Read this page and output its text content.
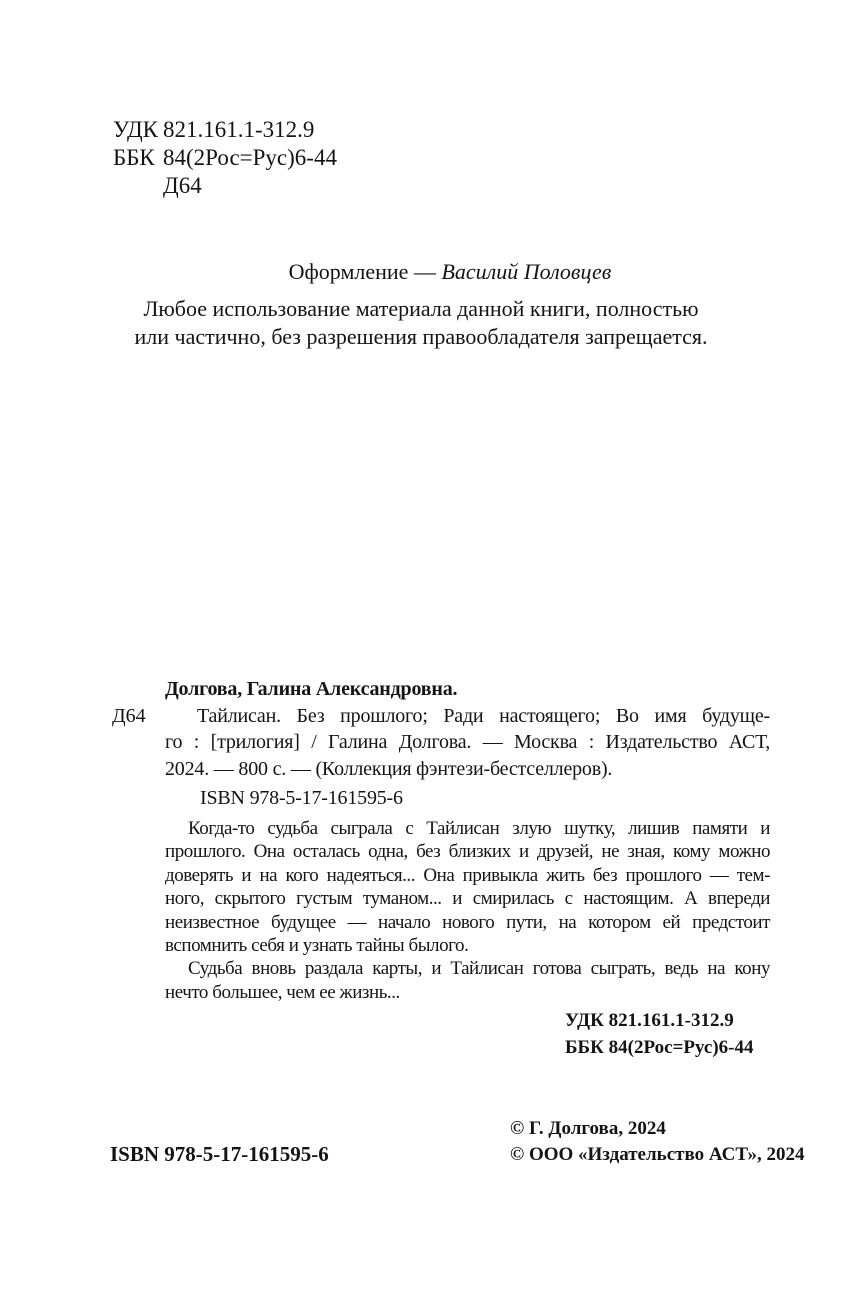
УДК 821.161.1-312.9
ББК 84(2Рос=Рус)6-44
Д64
Оформление — Василий Половцев
Любое использование материала данной книги, полностью
или частично, без разрешения правообладателя запрещается.
Д64
Долгова, Галина Александровна.
Тайлисан. Без прошлого; Ради настоящего; Во имя будуще-
го : [трилогия] / Галина Долгова. — Москва : Издательство АСТ,
2024. — 800 с. — (Коллекция фэнтези-бестселлеров).
ISBN 978-5-17-161595-6
Когда-то судьба сыграла с Тайлисан злую шутку, лишив памяти и
прошлого. Она осталась одна, без близких и друзей, не зная, кому можно
доверять и на кого надеяться... Она привыкла жить без прошлого — тем-
ного, скрытого густым туманом... и смирилась с настоящим. А впереди
неизвестное будущее — начало нового пути, на котором ей предстоит
вспомнить себя и узнать тайны былого.
Судьба вновь раздала карты, и Тайлисан готова сыграть, ведь на кону
нечто большее, чем ее жизнь...
УДК 821.161.1-312.9
ББК 84(2Рос=Рус)6-44
ISBN 978-5-17-161595-6
© Г. Долгова, 2024
© ООО «Издательство АСТ», 2024
